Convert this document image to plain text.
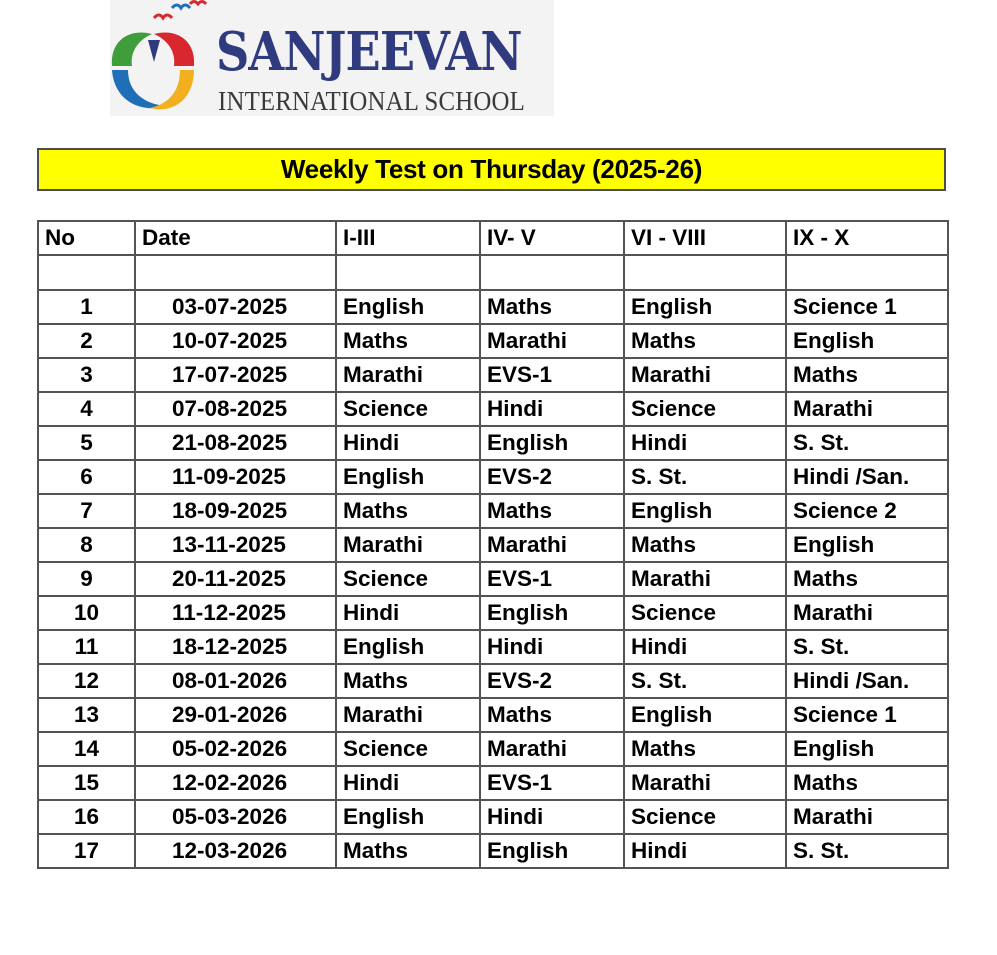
SANJEEVAN
INTERNATIONAL SCHOOL
Weekly Test on Thursday (2025-26)
No	Date	I-III	IV- V	VI - VIII	IX - X

1	03-07-2025	English	Maths	English	Science 1
2	10-07-2025	Maths	Marathi	Maths	English
3	17-07-2025	Marathi	EVS-1	Marathi	Maths
4	07-08-2025	Science	Hindi	Science	Marathi
5	21-08-2025	Hindi	English	Hindi	S. St.
6	11-09-2025	English	EVS-2	S. St.	Hindi /San.
7	18-09-2025	Maths	Maths	English	Science 2
8	13-11-2025	Marathi	Marathi	Maths	English
9	20-11-2025	Science	EVS-1	Marathi	Maths
10	11-12-2025	Hindi	English	Science	Marathi
11	18-12-2025	English	Hindi	Hindi	S. St.
12	08-01-2026	Maths	EVS-2	S. St.	Hindi /San.
13	29-01-2026	Marathi	Maths	English	Science 1
14	05-02-2026	Science	Marathi	Maths	English
15	12-02-2026	Hindi	EVS-1	Marathi	Maths
16	05-03-2026	English	Hindi	Science	Marathi
17	12-03-2026	Maths	English	Hindi	S. St.
